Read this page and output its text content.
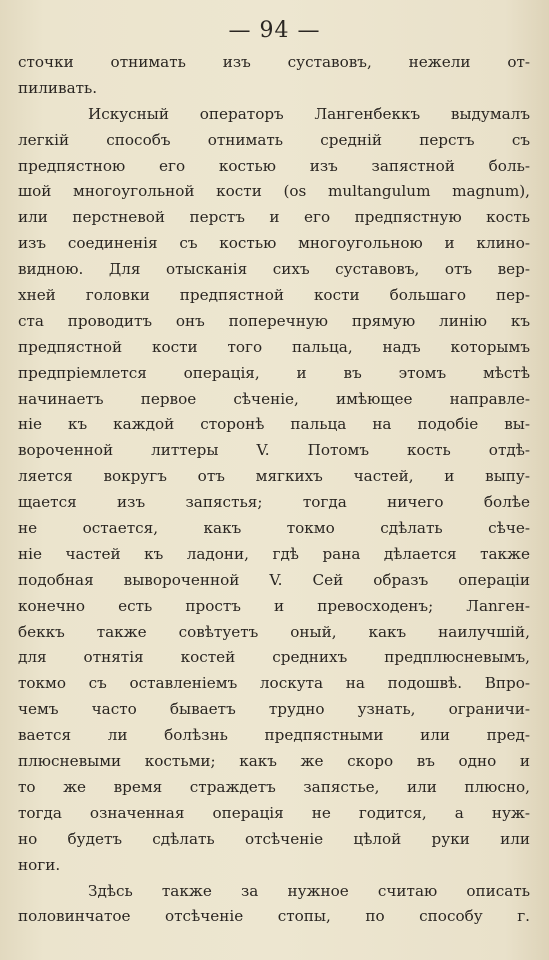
— 94 —
сточки отнимать изъ суставовъ, нежели от-
пиливать.
Искусный операторъ Лангенбеккъ выдумалъ
легкій способъ отнимать средній перстъ съ
предпястною его костью изъ запястной боль-
шой многоугольной кости (os multangulum magnum),
или перстневой перстъ и его предпястную кость
изъ соединенія съ костью многоугольною и клино-
видною. Для отысканія сихъ суставовъ, отъ вер-
хней головки предпястной кости большаго пер-
ста проводитъ онъ поперечную прямую линію къ
предпястной кости того пальца, надъ которымъ
предпріемлется операція, и въ этомъ мѣстѣ
начинаетъ первое сѣченіе, имѣющее направле-
ніе къ каждой сторонѣ пальца на подобіе вы-
вороченной литтеры V. Потомъ кость отдѣ-
ляется вокругъ отъ мягкихъ частей, и выпу-
щается изъ запястья; тогда ничего болѣе
не остается, какъ токмо сдѣлать сѣче-
ніе частей къ ладони, гдѣ рана дѣлается также
подобная вывороченной V. Сей образъ операціи
конечно есть простъ и превосходенъ; Лanген-
беккъ также совѣтуетъ оный, какъ наилучшій,
для отнятія костей среднихъ предплюсневымъ,
токмо съ оставленіемъ лоскута на подошвѣ. Впро-
чемъ часто бываетъ трудно узнать, ограничи-
вается ли болѣзнь предпястными или пред-
плюсневыми костьми; какъ же скоро въ одно и
то же время страждетъ запястье, или плюсно,
тогда означенная операція не годится, а нуж-
но будетъ сдѣлать отсѣченіе цѣлой руки или
ноги.
Здѣсь также за нужное считаю описать
половинчатое отсѣченіе стопы, по способу г.
